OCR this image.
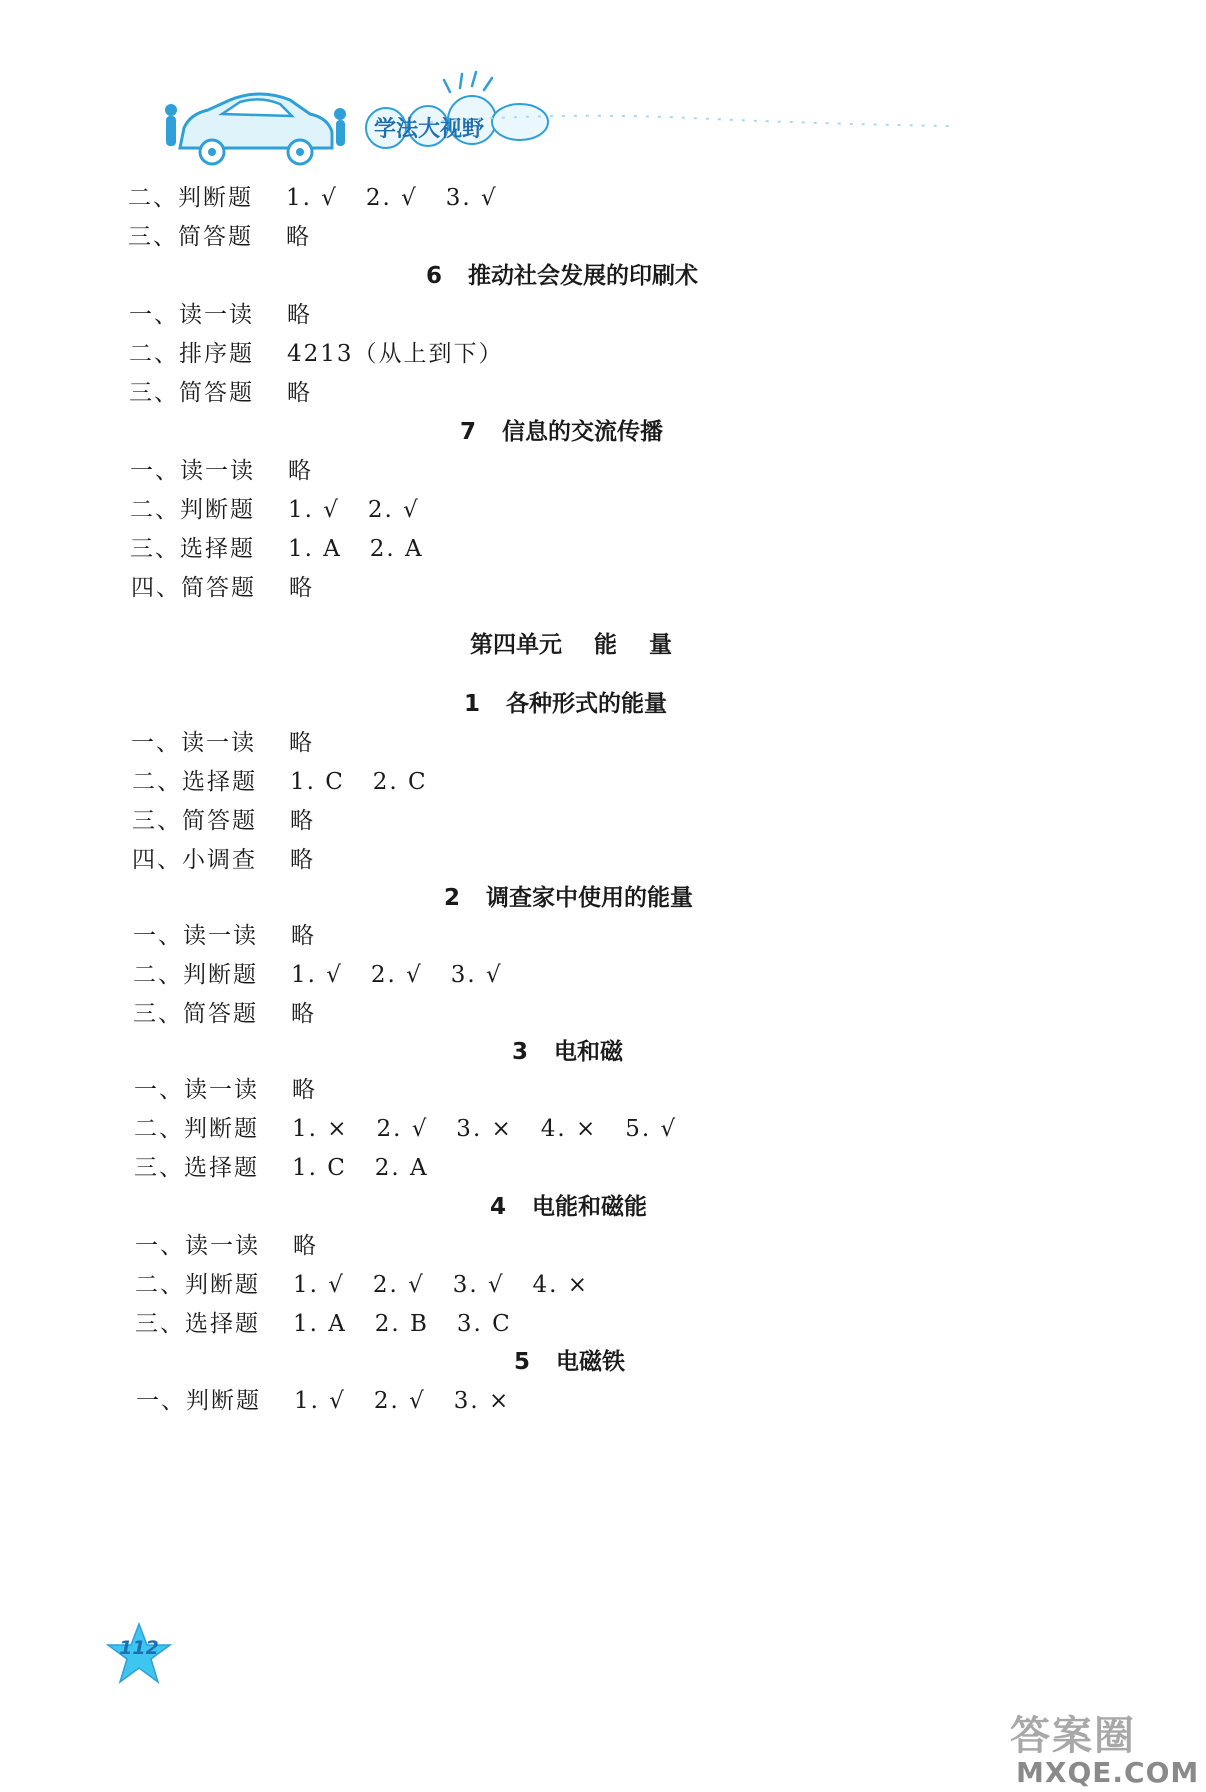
学法大视野
二、判断题 1. √   2. √   3. √
三、简答题 略
6 推动社会发展的印刷术
一、读一读 略
二、排序题 4213（从上到下）
三、简答题 略
7 信息的交流传播
一、读一读 略
二、判断题 1. √   2. √
三、选择题 1. A   2. A
四、简答题 略
第四单元    能    量
1 各种形式的能量
一、读一读 略
二、选择题 1. C   2. C
三、简答题 略
四、小调查 略
2 调查家中使用的能量
一、读一读 略
二、判断题 1. √   2. √   3. √
三、简答题 略
3 电和磁
一、读一读 略
二、判断题 1. ×   2. √   3. ×   4. ×   5. √
三、选择题 1. C   2. A
4 电能和磁能
一、读一读 略
二、判断题 1. √   2. √   3. √   4. ×
三、选择题 1. A   2. B   3. C
5 电磁铁
一、判断题 1. √   2. √   3. ×
112
答案圈
MXQE.COM
